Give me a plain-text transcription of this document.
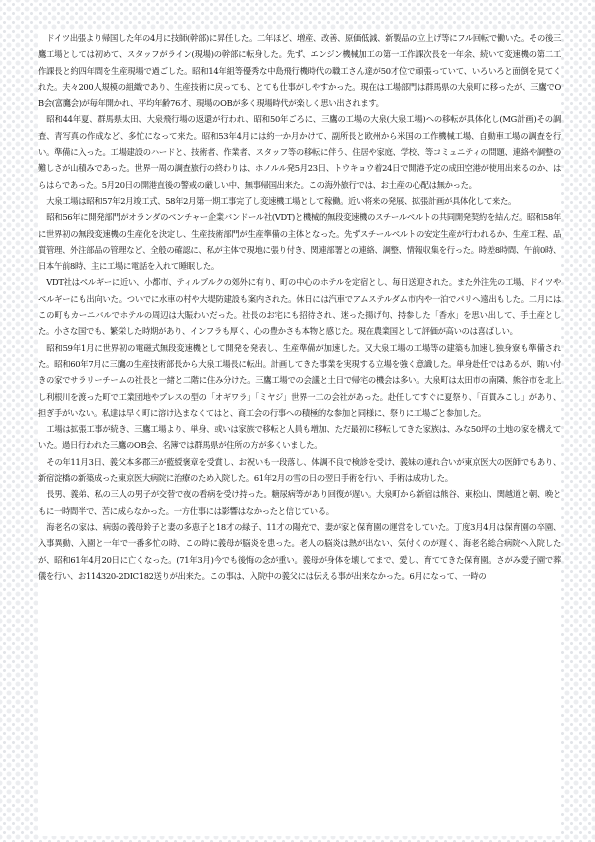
ドイツ出張より帰国した年の4月に技師(幹部)に昇任した。二年ほど、増産、改善、原価低減、新製品の立上げ等にフル回転で働いた。その後三鷹工場としては初めて、スタッフがライン(現場)の幹部に転身した。先ず、エンジン機械加工の第一工作課次長を一年余、続いて変速機の第二工作課長と約四年間を生産現場で過ごした。昭和14年組等優秀な中島飛行機時代の職工さん達が50才位で頑張っていて、いろいろと面倒を見てくれた。夫々200人規模の組織であり、生産技術に戻っても、とても仕事がしやすかった。現在は工場部門は群馬県の大泉町に移ったが、三鷹でOB会(富鷹会)が毎年開かれ、平均年齢76才、現場のOBが多く現場時代が楽しく思い出されます。

昭和44年夏、群馬県太田、大泉飛行場の返還が行われ、昭和50年ごろに、三鷹の工場の大泉(大泉工場)への移転が具体化し(MG計画)その調査、青写真の作成など、多忙になって来た。昭和53年4月には約一か月かけて、副所長と欧州から米国の工作機械工場、自動車工場の調査を行い。準備に入った。工場建設のハードと、技術者、作業者、スタッフ等の移転に伴う、住居や家庭、学校、等コミュニティの問題、連絡や調整の難しさが山積みであった。世界一周の調査旅行の終わりは、ホノルル発5月23日、トウキョウ着24日で開港予定の成田空港が使用出来るのか、はらはらであった。5月20日の開港直後の警戒の厳しい中、無事帰国出来た。この海外旅行では、お土産の心配は無かった。

大泉工場は昭和57年2月竣工式、58年2月第一期工事完了し変速機工場として稼働。近い将来の発展、拡張計画が具体化して来た。

昭和56年に開発部門がオランダのベンチャー企業バンドール社(VDT)と機械的無段変速機のスチールベルトの共同開発契約を結んだ。昭和58年に世界初の無段変速機の生産化を決定し、生産技術部門が生産準備の主体となった。先ずスチールベルトの安定生産が行われるか、生産工程、品質管理、外注部品の管理など、全般の確認に、私が主体で現地に張り付き、関連部署との連絡、調整、情報収集を行った。時差8時間、午前0時、日本午前8時、主に工場に電話を入れて睡眠した。

VDT社はベルギーに近い、小都市、ティルブルクの郊外に有り、町の中心のホテルを定宿とし、毎日送迎された。また外注先の工場、ドイツやベルギーにも出向いた。ついでに水車の村や大堤防建設も案内された。休日には汽車でアムステルダム市内や一泊でパリへ遠出もした。二月にはこの町もカーニバルでホテルの周辺は大賑わいだった。社長のお宅にも招待され、迷った揚げ句、持参した「香水」を思い出して、手土産とした。小さな国でも、繁栄した時期があり、インフラも厚く、心の豊かさも本物と感じた。現在農業国として評価が高いのは喜ばしい。

昭和59年1月に世界初の電磁式無段変速機として開発を発表し、生産準備が加速した。又大泉工場の工場等の建築も加速し独身寮も準備された。昭和60年7月に三鷹の生産技術部長から大泉工場長に転出。計画してきた事業を実現する立場を強く意識した。単身赴任ではあるが、賄い付きの家でサラリーチームの社長と一緒と二階に住み分けた。三鷹工場での会議と土日で帰宅の機会は多い。大泉町は太田市の南隣、熊谷市を北上し利根川を渡った町で工業団地やブレスの型の「オギワラ」「ミヤジ」世界一二の会社があった。赴任してすぐに夏祭り、「百貫みこし」があり、担ぎ手がいない。私達は早く町に溶け込まなくてはと、商工会の行事への積極的な参加と同様に、祭りに工場ごと参加した。

工場は拡張工事が続き、三鷹工場より、単身、或いは家族で移転と人員も増加、ただ最初に移転してきた家族は、みな50坪の土地の家を構えていた。過日行われた三鷹のOB会、名簿では群馬県が住所の方が多くいました。

その年11月3日、義父本多郡三が藍綬褒章を受賞し、お祝いも一段落し、体調不良で検診を受け、義妹の連れ合いが東京医大の医師でもあり、新宿淀橋の新築成った東京医大病院に治療のため入院した。61年2月の雪の日の翌日手術を行い、手術は成功した。

長男、義弟、私の三人の男子が交替で夜の看病を受け持った。糖尿病等があり回復が遅い。大泉町から新宿は熊谷、東松山、関越道と朝、晩ともに一時間半で、苦に成らなかった。一方仕事には影響はなかったと信じている。

海老名の家は、病弱の義母鈴子と妻の多恵子と18才の緑子、11才の陽充で、妻が家と保育園の運営をしていた。丁度3月4月は保育園の卒園、入事異動、入園と一年で一番多忙の時、この時に義母が脳炎を患った。老人の脳炎は熱が出ない、気付くのが遅く、海老名総合病院へ入院したが、昭和61年4月20日に亡くなった。(71年3月)今でも後悔の念が重い。義母が身体を壊してまで、愛し、育ててきた保育園。さがみ愛子園で葬儀を行い、お114320-2DIC182送りが出来た。この事は、入院中の義父には伝える事が出来なかった。6月になって、一時の
